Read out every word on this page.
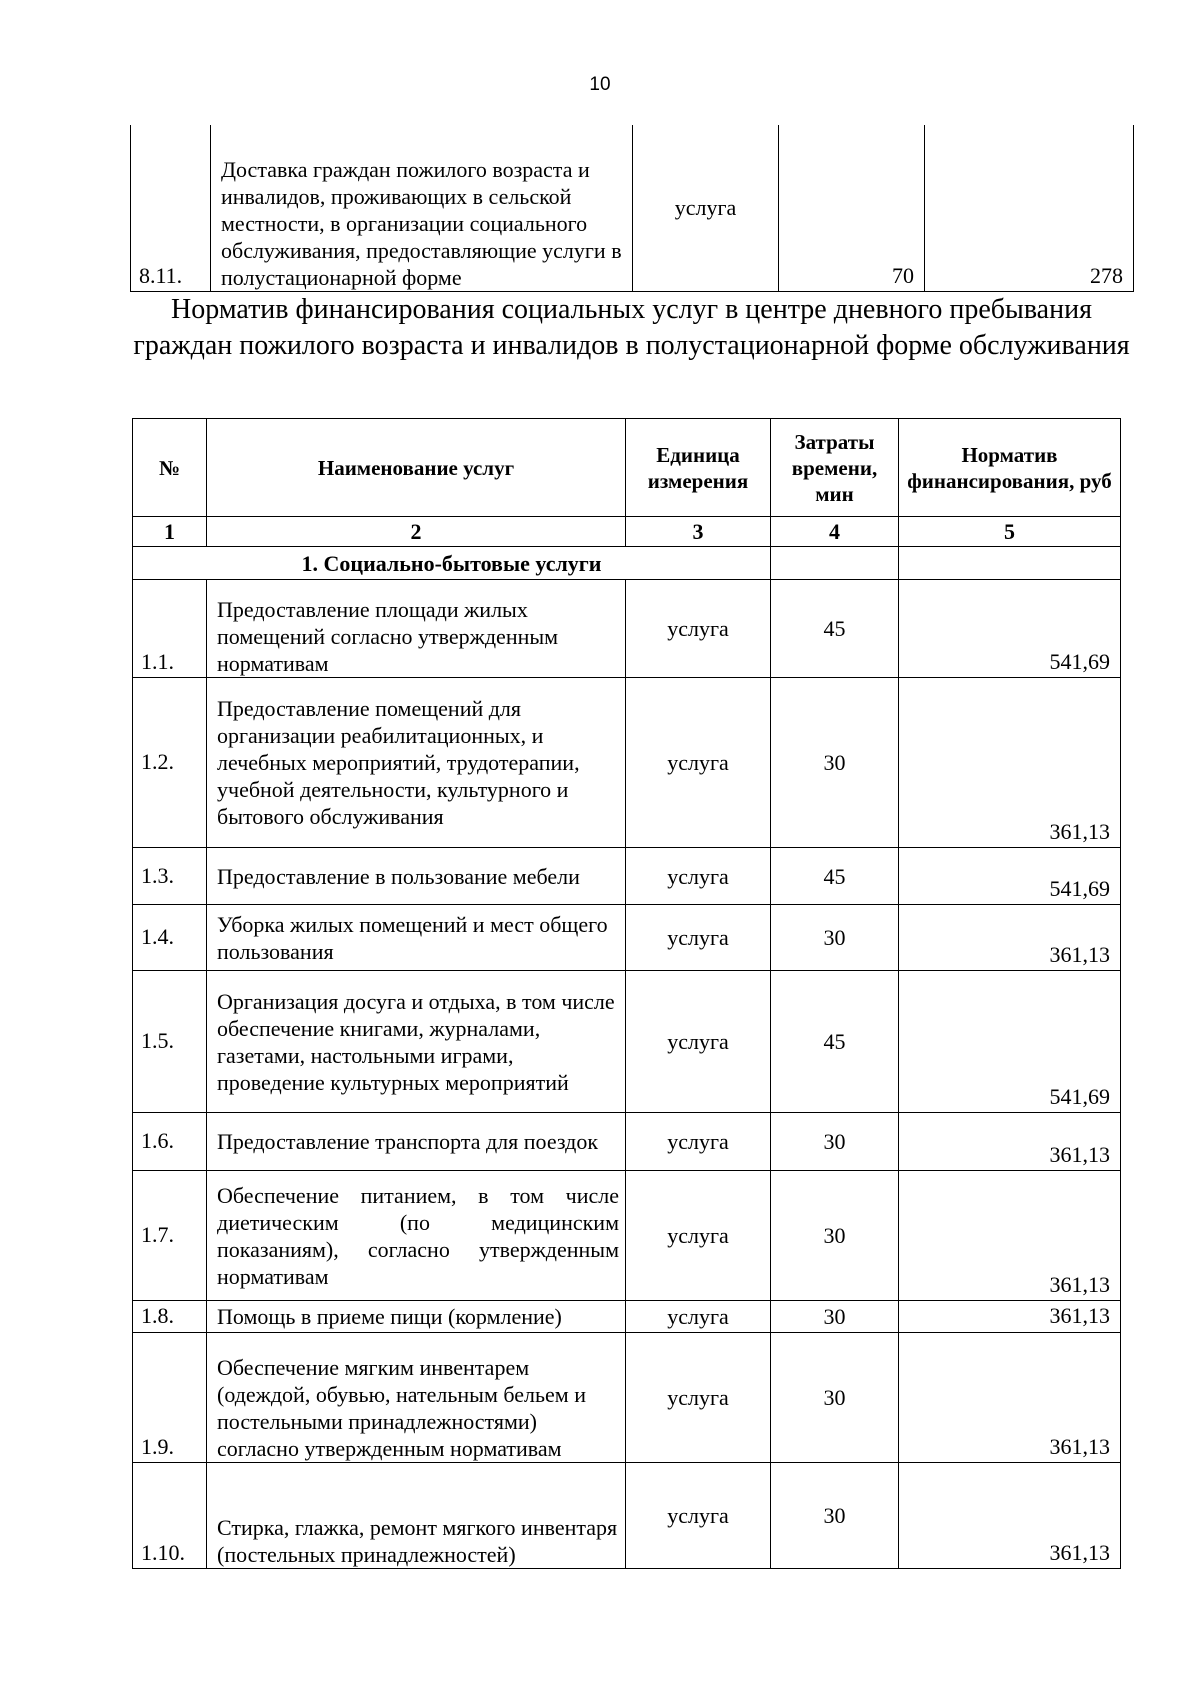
10
8.11.	Доставка граждан пожилого возраста и инвалидов, проживающих в сельской местности, в организации социального обслуживания, предоставляющие услуги в полустационарной форме	услуга	70	278
Норматив финансирования социальных услуг в центре дневного пребывания граждан пожилого возраста и инвалидов в полустационарной форме обслуживания
№	Наименование услуг	Единица измерения	Затраты времени, мин	Норматив финансирования, руб
1	2	3	4	5
1. Социально-бытовые услуги				
1.1.	Предоставление площади жилых помещений согласно утвержденным нормативам	услуга	45	541,69
1.2.	Предоставление помещений для организации реабилитационных, и лечебных мероприятий, трудотерапии, учебной деятельности, культурного и бытового обслуживания	услуга	30	361,13
1.3.	Предоставление в пользование мебели	услуга	45	541,69
1.4.	Уборка жилых помещений и мест общего пользования	услуга	30	361,13
1.5.	Организация досуга и отдыха, в том числе обеспечение книгами, журналами, газетами, настольными играми, проведение культурных мероприятий	услуга	45	541,69
1.6.	Предоставление транспорта для поездок	услуга	30	361,13
1.7.	Обеспечение питанием, в том числе диетическим (по медицинским показаниям), согласно утвержденным нормативам	услуга	30	361,13
1.8.	Помощь в приеме пищи (кормление)	услуга	30	361,13
1.9.	Обеспечение мягким инвентарем (одеждой, обувью, нательным бельем и постельными принадлежностями) согласно утвержденным нормативам	услуга	30	361,13
1.10.	Стирка, глажка, ремонт мягкого инвентаря (постельных принадлежностей)	услуга	30	361,13
